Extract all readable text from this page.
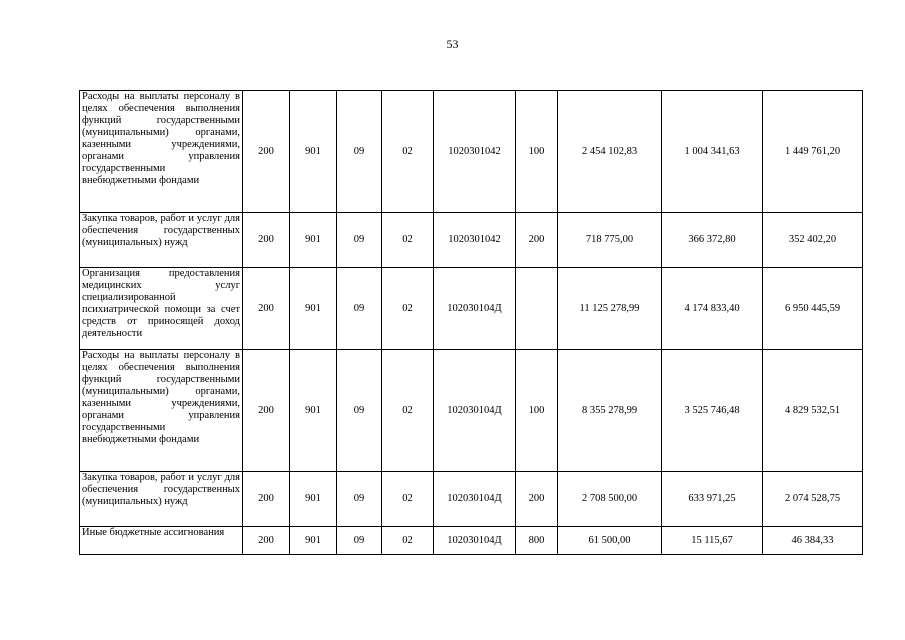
53
Расходы на выплаты персоналу в целях обеспечения выполнения функций государственными (муниципальными) органами, казенными учреждениями, органами управления государственными внебюджетными фондами	200	901	09	02	1020301042	100	2 454 102,83	1 004 341,63	1 449 761,20
Закупка товаров, работ и услуг для обеспечения государственных (муниципальных) нужд	200	901	09	02	1020301042	200	718 775,00	366 372,80	352 402,20
Организация предоставления медицинских услуг специализированной психиатрической помощи за счет средств от приносящей доход деятельности	200	901	09	02	102030104Д		11 125 278,99	4 174 833,40	6 950 445,59
Расходы на выплаты персоналу в целях обеспечения выполнения функций государственными (муниципальными) органами, казенными учреждениями, органами управления государственными внебюджетными фондами	200	901	09	02	102030104Д	100	8 355 278,99	3 525 746,48	4 829 532,51
Закупка товаров, работ и услуг для обеспечения государственных (муниципальных) нужд	200	901	09	02	102030104Д	200	2 708 500,00	633 971,25	2 074 528,75
Иные бюджетные ассигнования	200	901	09	02	102030104Д	800	61 500,00	15 115,67	46 384,33
